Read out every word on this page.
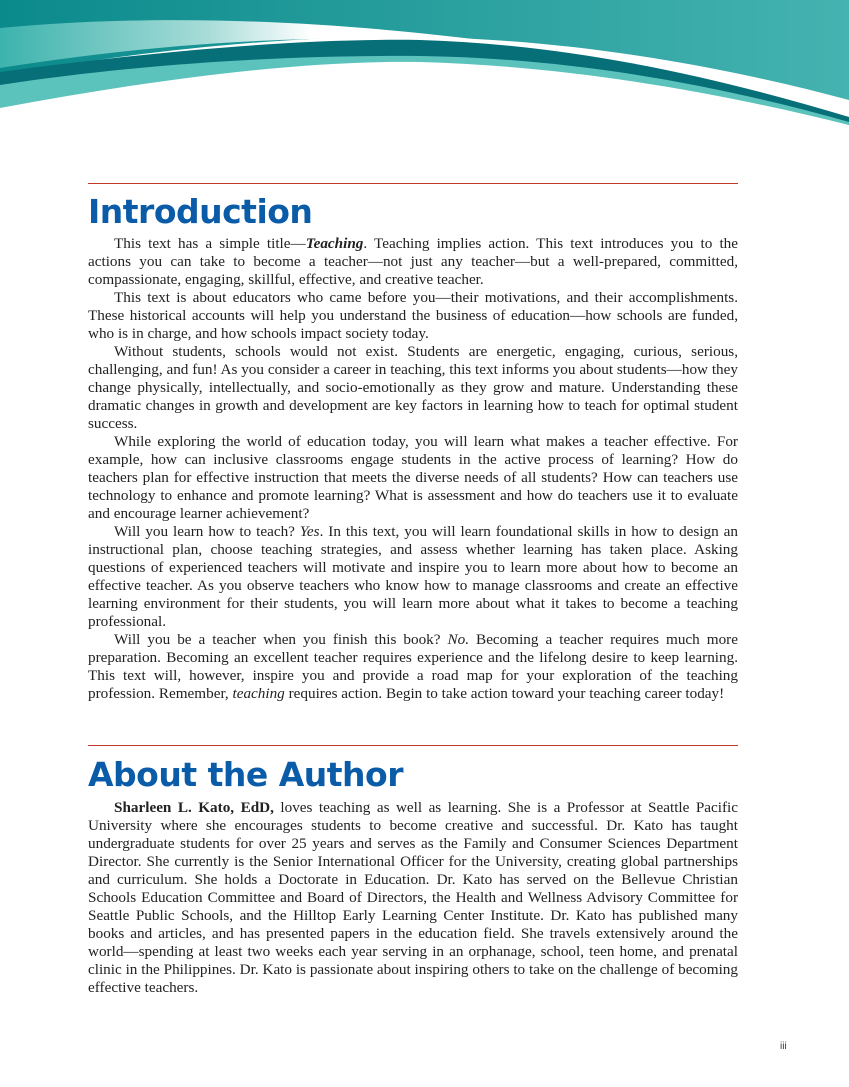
Introduction

This text has a simple title—Teaching. Teaching implies action. This text introduces you to the actions you can take to become a teacher—not just any teacher—but a well-prepared, committed, compassionate, engaging, skillful, effective, and creative teacher.

This text is about educators who came before you—their motivations, and their accomplishments. These historical accounts will help you understand the business of education—how schools are funded, who is in charge, and how schools impact society today.

Without students, schools would not exist. Students are energetic, engaging, curious, serious, challenging, and fun! As you consider a career in teaching, this text informs you about students—how they change physically, intellectually, and socio-emotionally as they grow and mature. Understanding these dramatic changes in growth and development are key factors in learning how to teach for optimal student success.

While exploring the world of education today, you will learn what makes a teacher effective. For example, how can inclusive classrooms engage students in the active process of learning? How do teachers plan for effective instruction that meets the diverse needs of all students? How can teachers use technology to enhance and promote learning? What is assessment and how do teachers use it to evaluate and encourage learner achievement?

Will you learn how to teach? Yes. In this text, you will learn foundational skills in how to design an instructional plan, choose teaching strategies, and assess whether learning has taken place. Asking questions of experienced teachers will motivate and inspire you to learn more about how to become an effective teacher. As you observe teachers who know how to manage classrooms and create an effective learning environment for their students, you will learn more about what it takes to become a teaching professional.

Will you be a teacher when you finish this book? No. Becoming a teacher requires much more preparation. Becoming an excellent teacher requires experience and the lifelong desire to keep learning. This text will, however, inspire you and provide a road map for your exploration of the teaching profession. Remember, teaching requires action. Begin to take action toward your teaching career today!

About the Author

Sharleen L. Kato, EdD, loves teaching as well as learning. She is a Professor at Seattle Pacific University where she encourages students to become creative and successful. Dr. Kato has taught undergraduate students for over 25 years and serves as the Family and Consumer Sciences Department Director. She currently is the Senior International Officer for the University, creating global partnerships and curriculum. She holds a Doctorate in Education. Dr. Kato has served on the Bellevue Christian Schools Education Committee and Board of Directors, the Health and Wellness Advisory Committee for Seattle Public Schools, and the Hilltop Early Learning Center Institute. Dr. Kato has published many books and articles, and has presented papers in the education field. She travels extensively around the world—spending at least two weeks each year serving in an orphanage, school, teen home, and prenatal clinic in the Philippines. Dr. Kato is passionate about inspiring others to take on the challenge of becoming effective teachers.

iii
